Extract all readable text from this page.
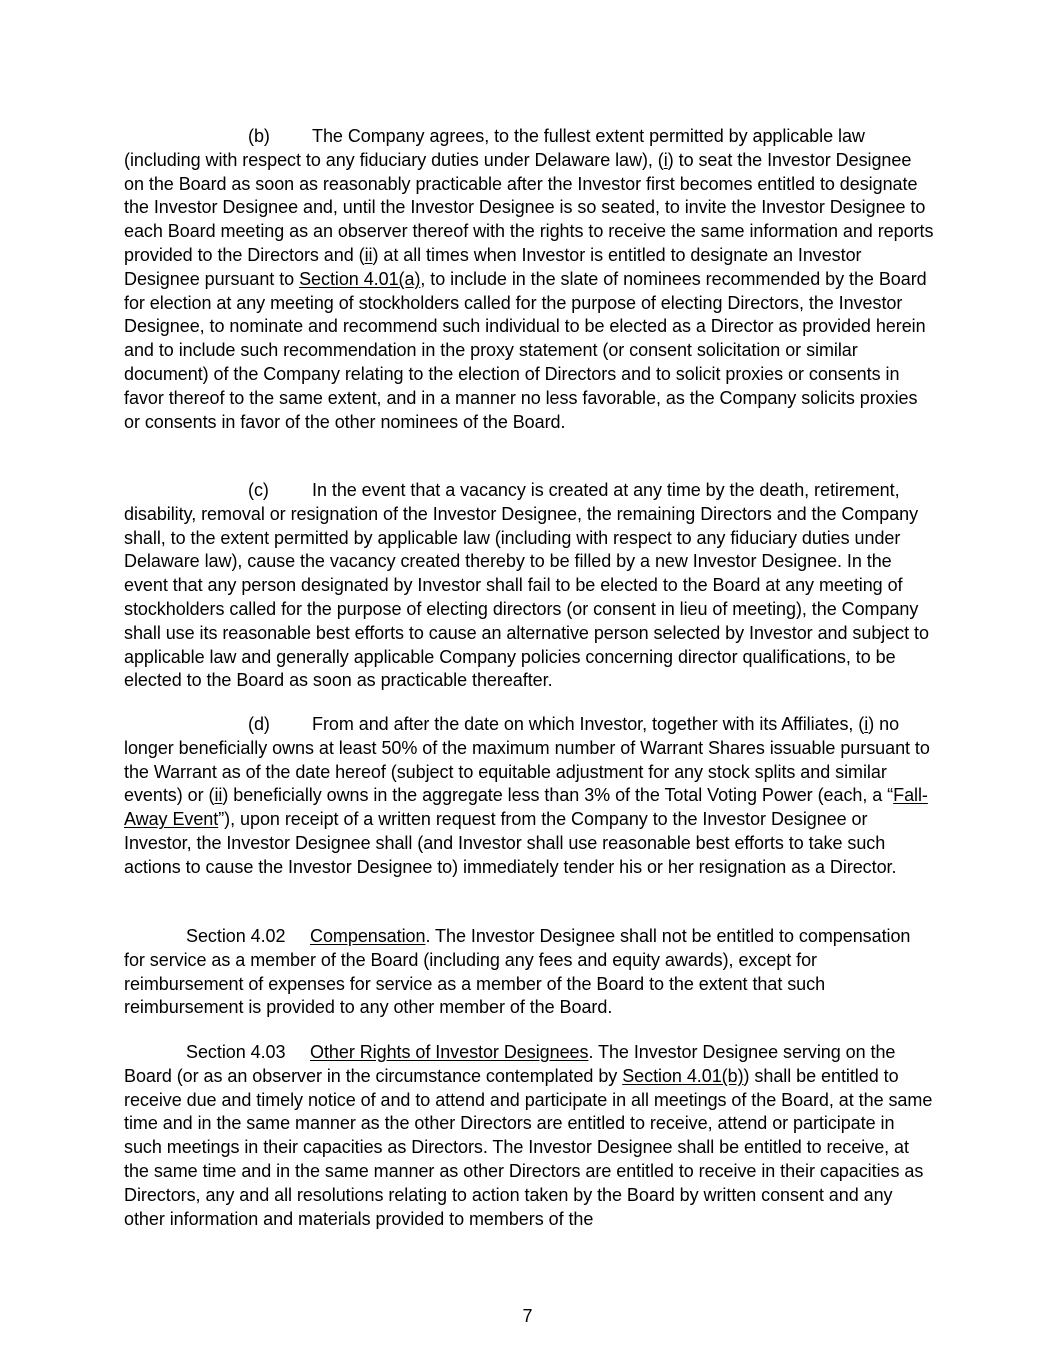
(b) The Company agrees, to the fullest extent permitted by applicable law (including with respect to any fiduciary duties under Delaware law), (i) to seat the Investor Designee on the Board as soon as reasonably practicable after the Investor first becomes entitled to designate the Investor Designee and, until the Investor Designee is so seated, to invite the Investor Designee to each Board meeting as an observer thereof with the rights to receive the same information and reports provided to the Directors and (ii) at all times when Investor is entitled to designate an Investor Designee pursuant to Section 4.01(a), to include in the slate of nominees recommended by the Board for election at any meeting of stockholders called for the purpose of electing Directors, the Investor Designee, to nominate and recommend such individual to be elected as a Director as provided herein and to include such recommendation in the proxy statement (or consent solicitation or similar document) of the Company relating to the election of Directors and to solicit proxies or consents in favor thereof to the same extent, and in a manner no less favorable, as the Company solicits proxies or consents in favor of the other nominees of the Board.

(c) In the event that a vacancy is created at any time by the death, retirement, disability, removal or resignation of the Investor Designee, the remaining Directors and the Company shall, to the extent permitted by applicable law (including with respect to any fiduciary duties under Delaware law), cause the vacancy created thereby to be filled by a new Investor Designee. In the event that any person designated by Investor shall fail to be elected to the Board at any meeting of stockholders called for the purpose of electing directors (or consent in lieu of meeting), the Company shall use its reasonable best efforts to cause an alternative person selected by Investor and subject to applicable law and generally applicable Company policies concerning director qualifications, to be elected to the Board as soon as practicable thereafter.

(d) From and after the date on which Investor, together with its Affiliates, (i) no longer beneficially owns at least 50% of the maximum number of Warrant Shares issuable pursuant to the Warrant as of the date hereof (subject to equitable adjustment for any stock splits and similar events) or (ii) beneficially owns in the aggregate less than 3% of the Total Voting Power (each, a “Fall-Away Event”), upon receipt of a written request from the Company to the Investor Designee or Investor, the Investor Designee shall (and Investor shall use reasonable best efforts to take such actions to cause the Investor Designee to) immediately tender his or her resignation as a Director.

Section 4.02 Compensation. The Investor Designee shall not be entitled to compensation for service as a member of the Board (including any fees and equity awards), except for reimbursement of expenses for service as a member of the Board to the extent that such reimbursement is provided to any other member of the Board.

Section 4.03 Other Rights of Investor Designees. The Investor Designee serving on the Board (or as an observer in the circumstance contemplated by Section 4.01(b)) shall be entitled to receive due and timely notice of and to attend and participate in all meetings of the Board, at the same time and in the same manner as the other Directors are entitled to receive, attend or participate in such meetings in their capacities as Directors. The Investor Designee shall be entitled to receive, at the same time and in the same manner as other Directors are entitled to receive in their capacities as Directors, any and all resolutions relating to action taken by the Board by written consent and any other information and materials provided to members of the

7
